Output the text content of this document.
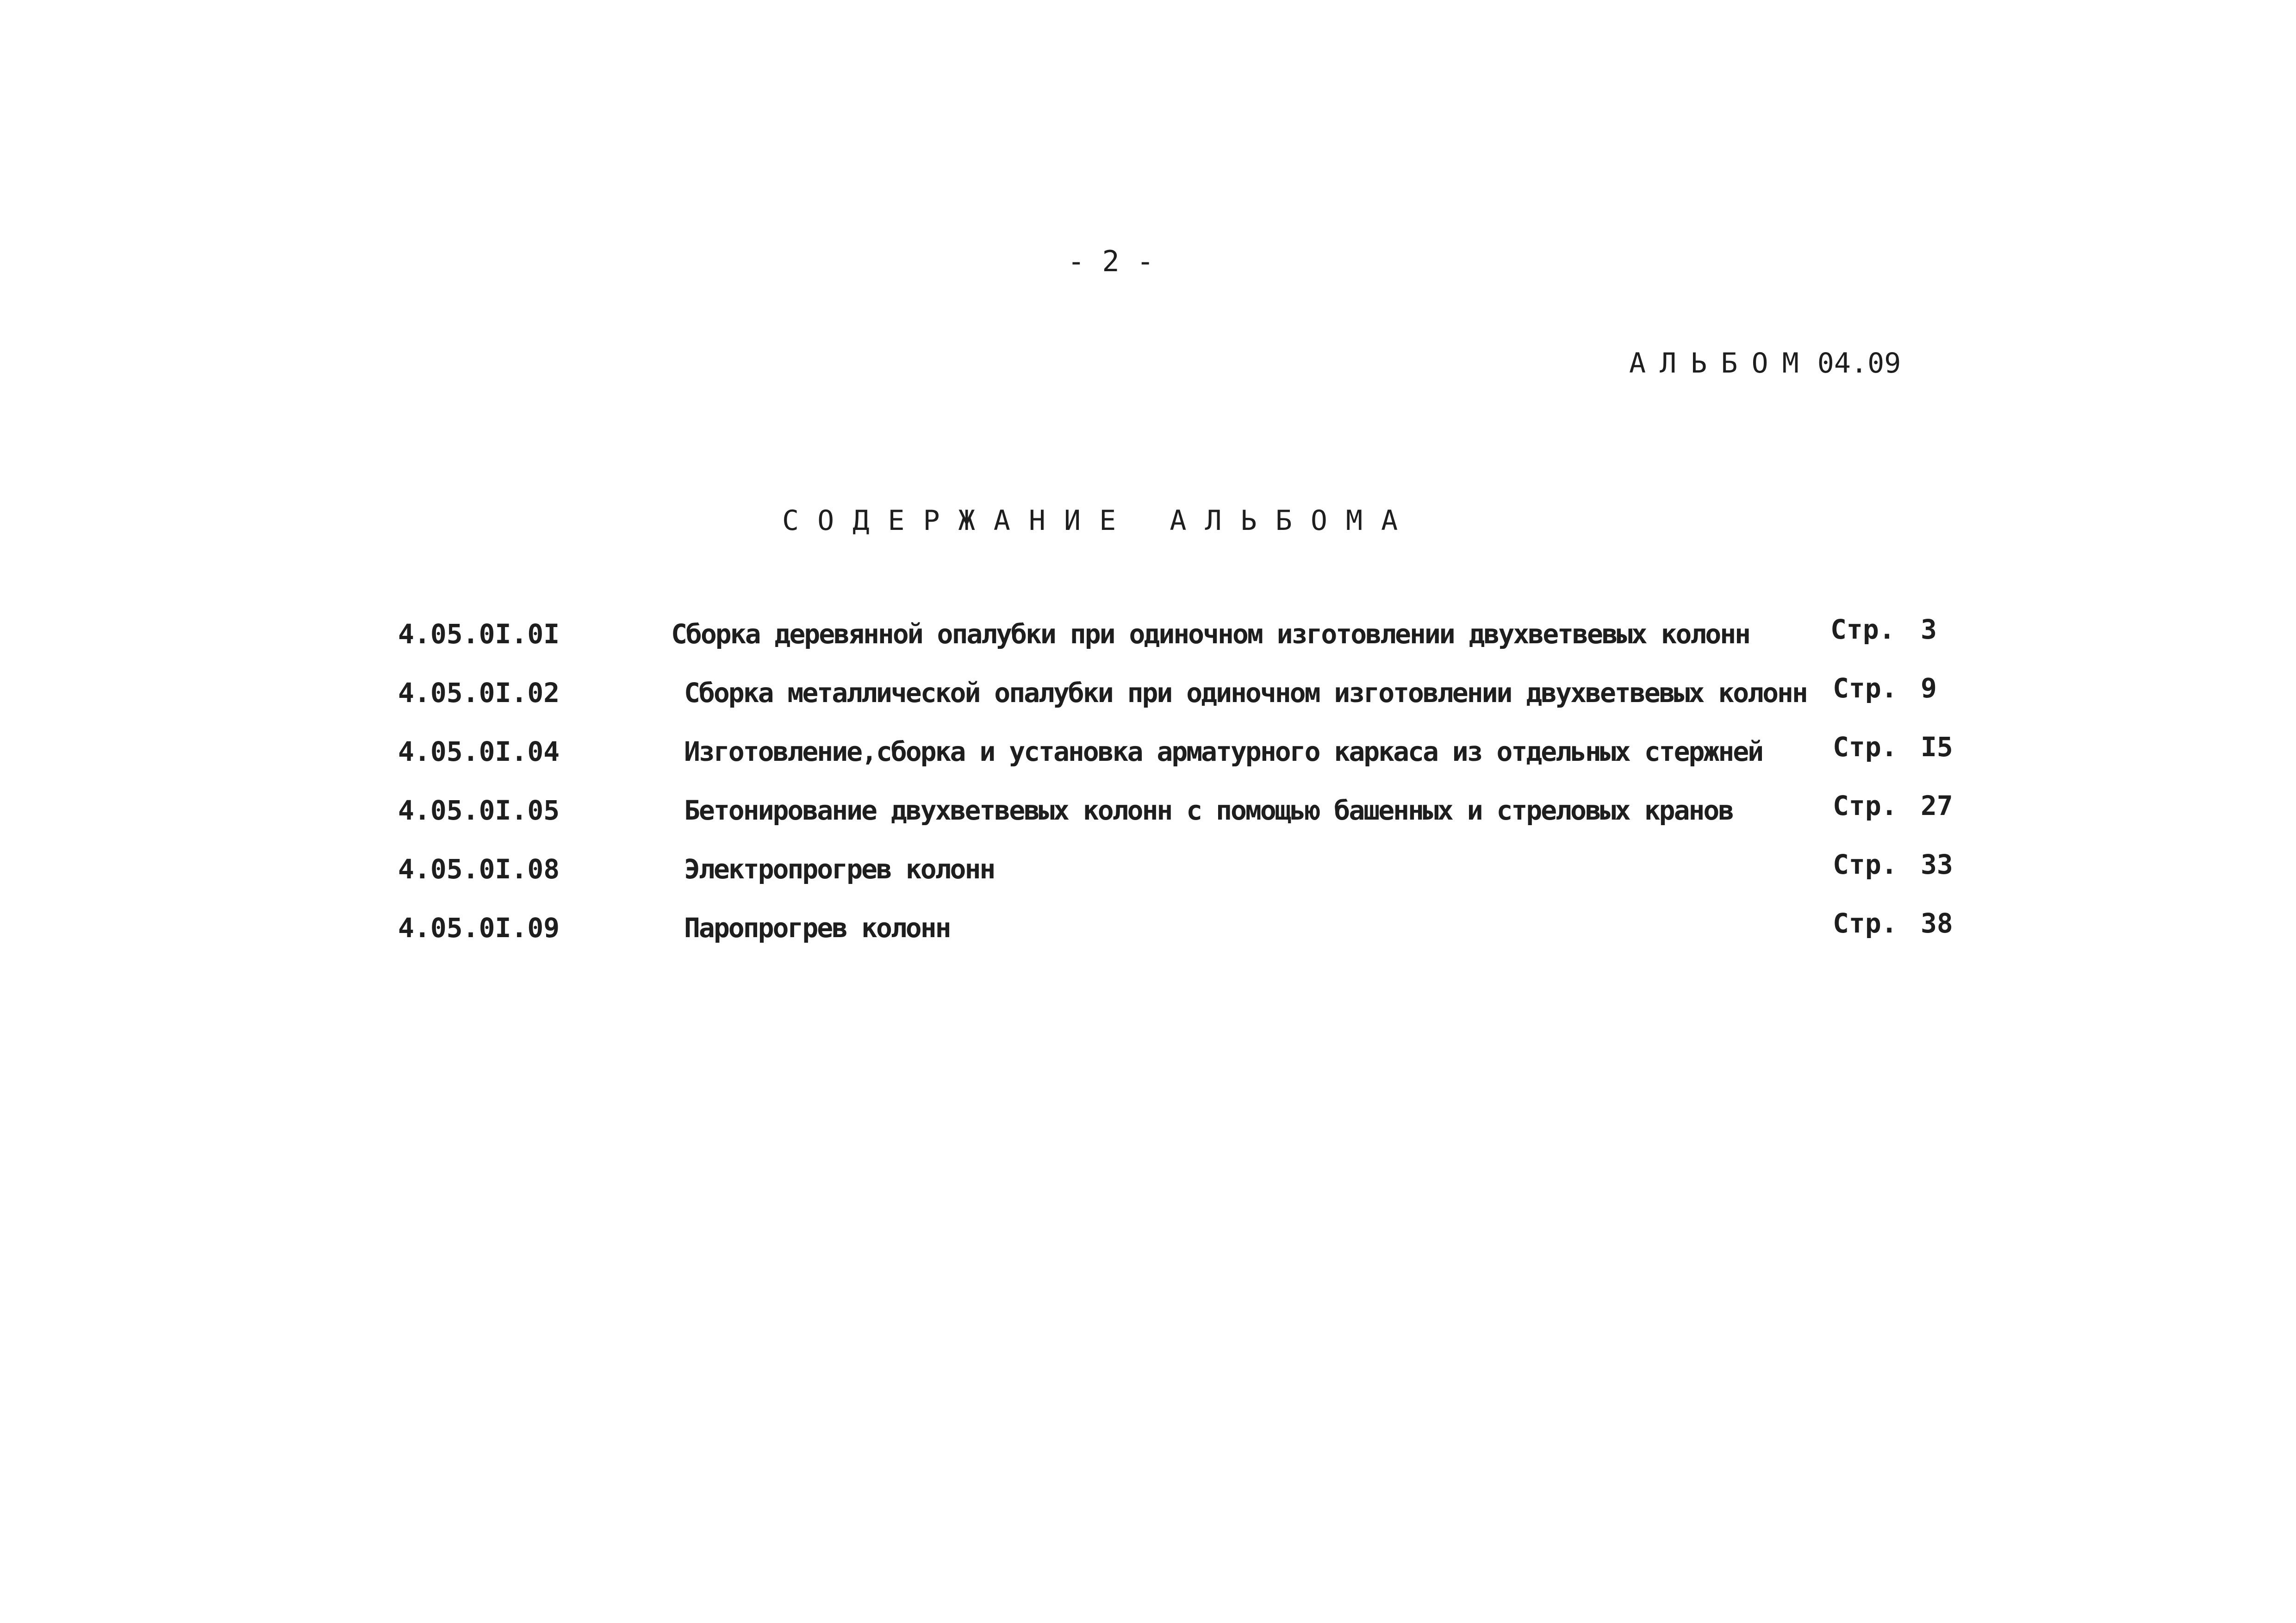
- 2 -
АЛЬБОМ 04.09
СОДЕРЖАНИЕ АЛЬБОМА
4.05.0I.0I	Сборка деревянной опалубки при одиночном изготовлении двухветвевых колонн	Стр. 3
4.05.0I.02	Сборка металлической опалубки при одиночном изготовлении двухветвевых колонн Стр. 9
4.05.0I.04	Изготовление,сборка и установка арматурного каркаса из отдельных стержней	Стр. I5
4.05.0I.05	Бетонирование двухветвевых колонн с помощью башенных и стреловых кранов	Стр. 27
4.05.0I.08	Электропрогрев колонн	Стр. 33
4.05.0I.09	Паропрогрев колонн	Стр. 38
